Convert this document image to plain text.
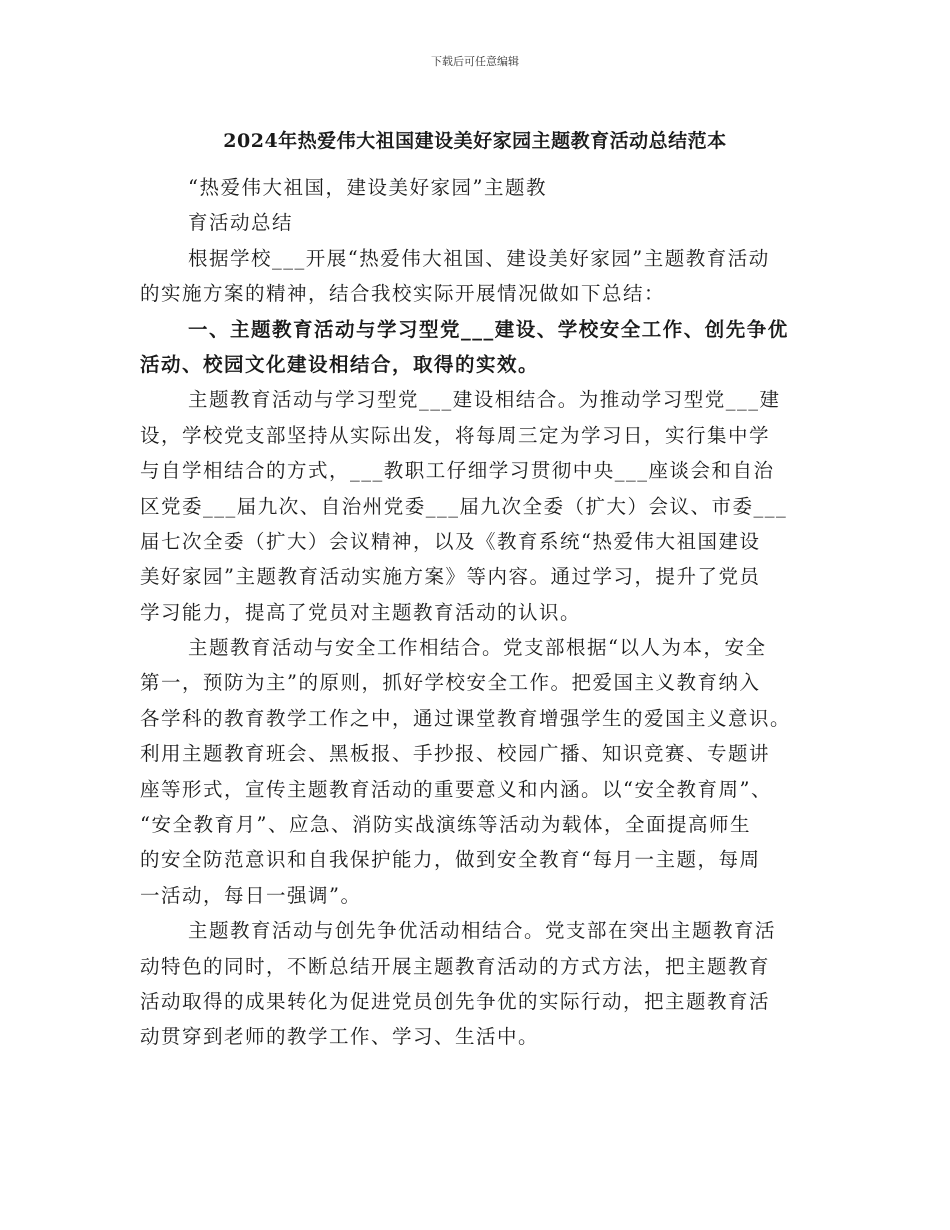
下载后可任意编辑
2024年热爱伟大祖国建设美好家园主题教育活动总结范本
“热爱伟大祖国，建设美好家园”主题教
育活动总结
根据学校___开展“热爱伟大祖国、建设美好家园”主题教育活动
的实施方案的精神，结合我校实际开展情况做如下总结：
一、主题教育活动与学习型党___建设、学校安全工作、创先争优
活动、校园文化建设相结合，取得的实效。
主题教育活动与学习型党___建设相结合。为推动学习型党___建
设，学校党支部坚持从实际出发，将每周三定为学习日，实行集中学
与自学相结合的方式，___教职工仔细学习贯彻中央___座谈会和自治
区党委___届九次、自治州党委___届九次全委（扩大）会议、市委___
届七次全委（扩大）会议精神，以及《教育系统“热爱伟大祖国建设
美好家园”主题教育活动实施方案》等内容。通过学习，提升了党员
学习能力，提高了党员对主题教育活动的认识。
主题教育活动与安全工作相结合。党支部根据“以人为本，安全
第一，预防为主”的原则，抓好学校安全工作。把爱国主义教育纳入
各学科的教育教学工作之中，通过课堂教育增强学生的爱国主义意识。
利用主题教育班会、黑板报、手抄报、校园广播、知识竞赛、专题讲
座等形式，宣传主题教育活动的重要意义和内涵。以“安全教育周”、
“安全教育月”、应急、消防实战演练等活动为载体，全面提高师生
的安全防范意识和自我保护能力，做到安全教育“每月一主题，每周
一活动，每日一强调”。
主题教育活动与创先争优活动相结合。党支部在突出主题教育活
动特色的同时，不断总结开展主题教育活动的方式方法，把主题教育
活动取得的成果转化为促进党员创先争优的实际行动，把主题教育活
动贯穿到老师的教学工作、学习、生活中。
